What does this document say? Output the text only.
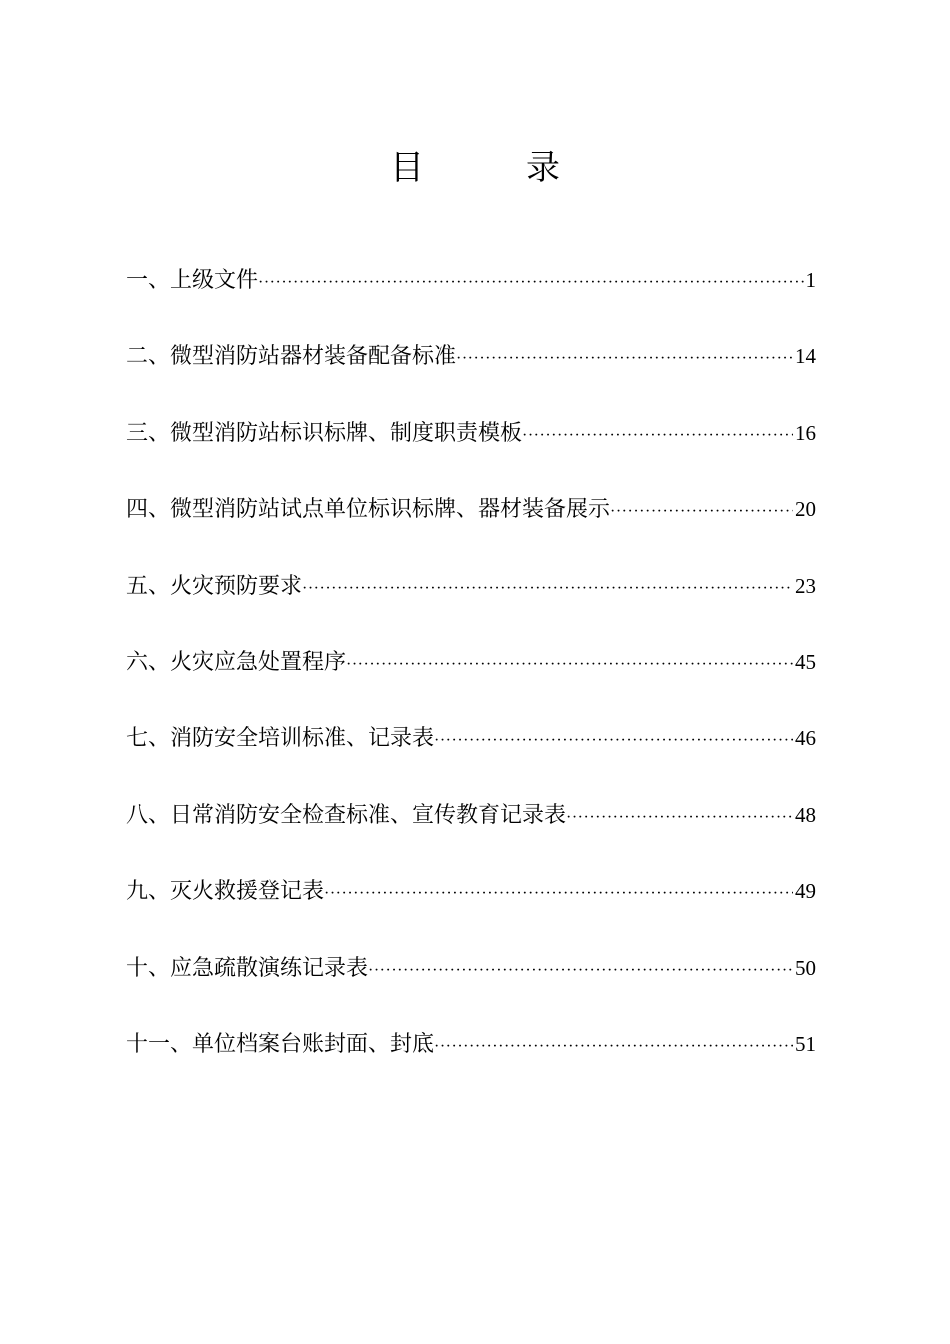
目　录
一、上级文件 ·····	1
二、微型消防站器材装备配备标准 ·····	14
三、微型消防站标识标牌、制度职责模板 ·····	16
四、微型消防站试点单位标识标牌、器材装备展示 ·····	20
五、火灾预防要求 ·····	23
六、火灾应急处置程序 ·····	45
七、消防安全培训标准、记录表 ·····	46
八、日常消防安全检查标准、宣传教育记录表 ·····	48
九、灭火救援登记表 ·····	49
十、应急疏散演练记录表 ·····	50
十一、单位档案台账封面、封底 ·····	51
